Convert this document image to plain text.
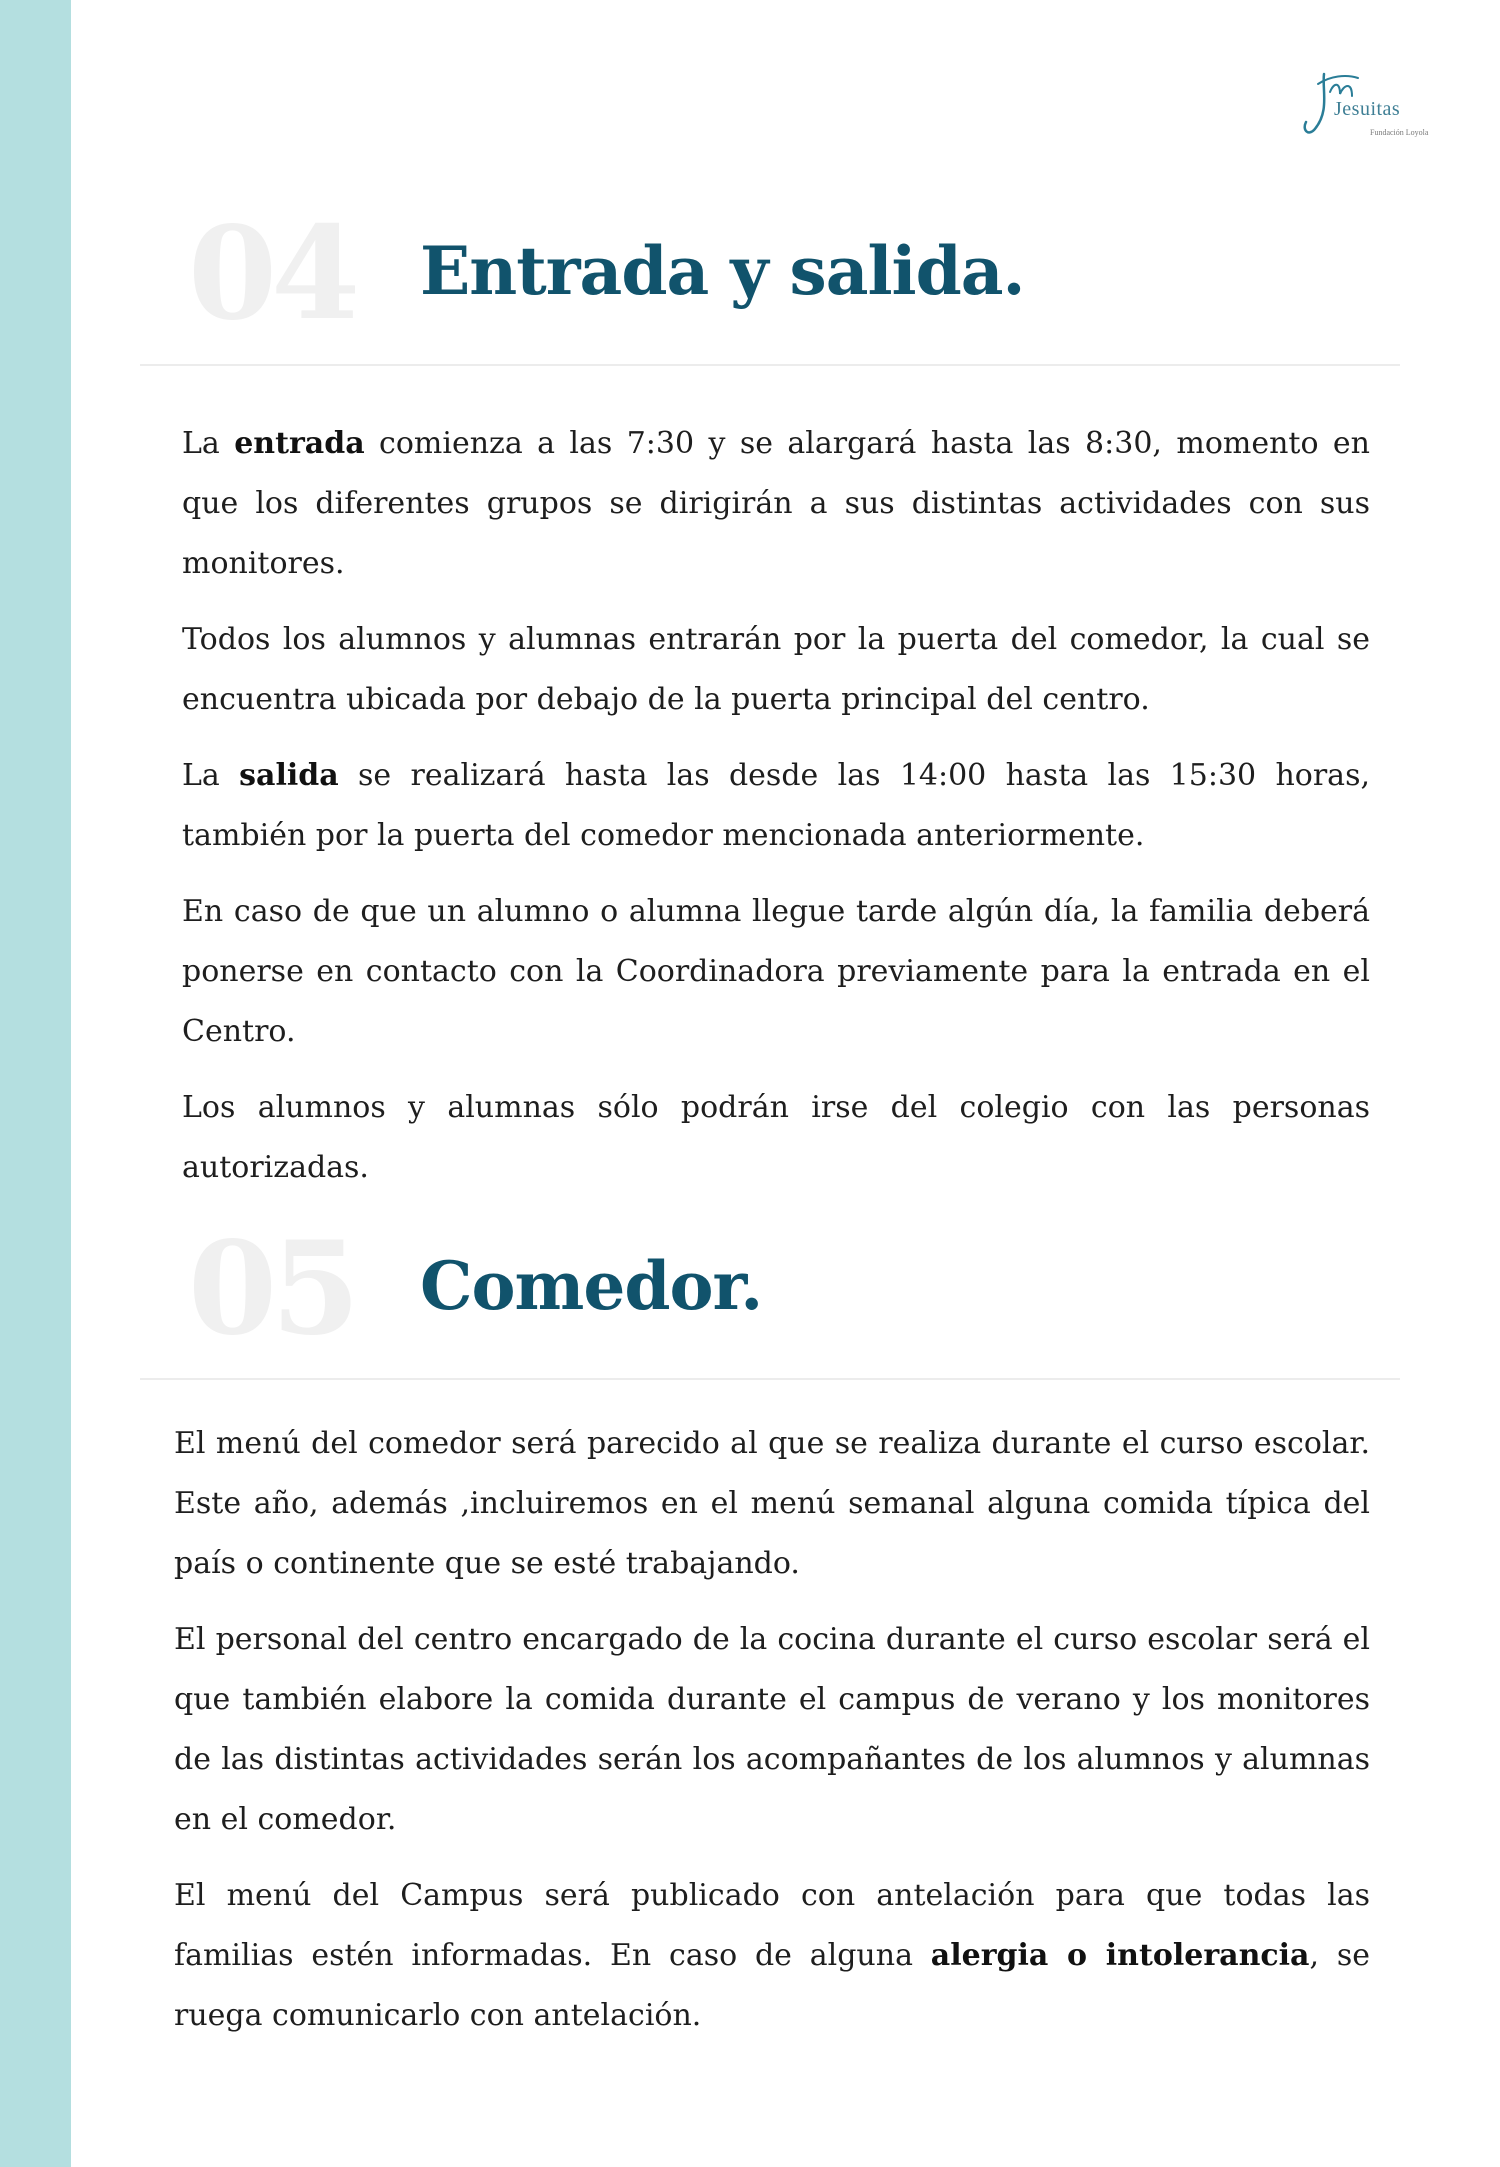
Jesuitas
Fundación Loyola
04 Entrada y salida.

La entrada comienza a las 7:30 y se alargará hasta las 8:30, momento en que los diferentes grupos se dirigirán a sus distintas actividades con sus monitores.

Todos los alumnos y alumnas entrarán por la puerta del comedor, la cual se encuentra ubicada por debajo de la puerta principal del centro.

La salida se realizará hasta las desde las 14:00 hasta las 15:30 horas, también por la puerta del comedor mencionada anteriormente.

En caso de que un alumno o alumna llegue tarde algún día, la familia deberá ponerse en contacto con la Coordinadora previamente para la entrada en el Centro.

Los alumnos y alumnas sólo podrán irse del colegio con las personas autorizadas.

05 Comedor.

El menú del comedor será parecido al que se realiza durante el curso escolar. Este año, además ,incluiremos en el menú semanal alguna comida típica del país o continente que se esté trabajando.

El personal del centro encargado de la cocina durante el curso escolar será el que también elabore la comida durante el campus de verano y los monitores de las distintas actividades serán los acompañantes de los alumnos y alumnas en el comedor.

El menú del Campus será publicado con antelación para que todas las familias estén informadas. En caso de alguna alergia o intolerancia, se ruega comunicarlo con antelación.
